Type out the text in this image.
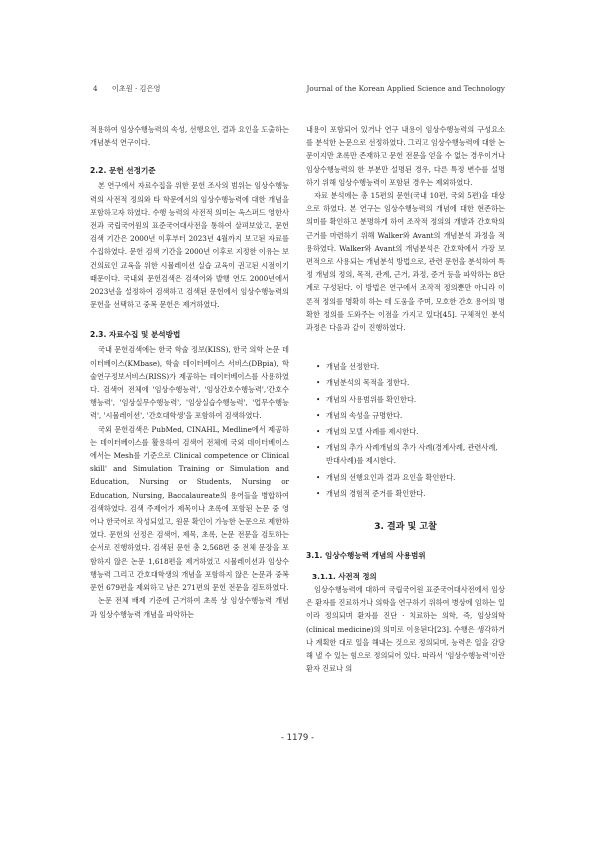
4 이초원 · 김은영	Journal of the Korean Applied Science and Technology

적용하여 임상수행능력의 속성, 선행요인, 결과 요인을 도출하는 개념분석 연구이다.

2.2. 문헌 선정기준

본 연구에서 자료수집을 위한 문헌 조사의 범위는 임상수행능력의 사전적 정의와 타 학문에서의 임상수행능력에 대한 개념을 포함하고자 하였다. 수행 능력의 사전적 의미는 옥스퍼드 영한사전과 국립국어원의 표준국어대사전을 통하여 살펴보았고, 문헌검색 기간은 2000년 이후부터 2023년 4월까지 보고된 자료를 수집하였다. 문헌 검색 기간을 2000년 이후로 지정한 이유는 보건의료인 교육을 위한 시뮬레이션 실습 교육이 권고된 시점이기 때문이다. 국내외 문헌검색은 검색어와 발행 연도 2000년에서 2023년을 설정하여 검색하고 검색된 문헌에서 임상수행능력의 문헌을 선택하고 중복 문헌은 제거하였다.

2.3. 자료수집 및 분석방법

국내 문헌검색에는 한국 학술 정보(KISS), 한국 의학 논문 데이터베이스(KMbase), 학술 데이터베이스 서비스(DBpia), 학술연구정보서비스(RISS)가 제공하는 데이터베이스를 사용하였다. 검색어 전체에 '임상수행능력', '임상간호수행능력','간호수행능력', '임상실무수행능력', '임상실습수행능력', '업무수행능력', '시뮬레이션', '간호대학생'을 포함하여 검색하였다.

국외 문헌검색은 PubMed, CINAHL, Medline에서 제공하는 데이터베이스를 활용하여 검색어 전체에 국외 데이터베이스에서는 Mesh를 기준으로 Clinical competence or Clinical skill' and Simulation Training or Simulation and Education, Nursing or Students, Nursing or Education, Nursing, Baccalaureate의 용어들을 병합하여 검색하였다. 검색 주제어가 제목이나 초록에 포함된 논문 중 영어나 한국어로 작성되었고, 원문 확인이 가능한 논문으로 제한하였다. 문헌의 선정은 검색어, 제목, 초록, 논문 전문을 검토하는 순서로 진행하였다. 검색된 문헌 총 2,568편 중 전체 문장을 포함하지 않은 논문 1,618편을 제거하였고 시뮬레이션과 임상수행능력 그리고 간호대학생의 개념을 포함하지 않은 논문과 중복 문헌 679편을 제외하고 남은 271편의 문헌 전문을 검토하였다.

논문 전체 배제 기준에 근거하여 초록 상 임상수행능력 개념과 임상수행능력 개념을 파악하는

내용이 포함되어 있거나 연구 내용이 임상수행능력의 구성요소를 분석한 논문으로 선정하였다. 그리고 임상수행능력에 대한 논문이지만 초록만 존재하고 문헌 전문을 얻을 수 없는 경우이거나 임상수행능력의 한 부분만 설명된 경우, 다른 특정 변수를 설명하기 위해 임상수행능력이 포함된 경우는 제외하였다.

자료 분석에는 총 15편의 문헌(국내 10편, 국외 5편)을 대상으로 하였다. 본 연구는 임상수행능력의 개념에 대한 현존하는 의미를 확인하고 분명하게 하여 조작적 정의의 개발과 간호학의 근거를 마련하기 위해 Walker와 Avant의 개념분석 과정을 적용하였다. Walker와 Avant의 개념분석은 간호학에서 가장 보편적으로 사용되는 개념분석 방법으로, 관련 문헌을 분석하여 특정 개념의 정의, 목적, 관계, 근거, 과정, 준거 등을 파악하는 8단계로 구성된다. 이 방법은 연구에서 조작적 정의뿐만 아니라 이론적 정의를 명확히 하는 데 도움을 주며, 모호한 간호 용어의 명확한 정의를 도와주는 이점을 가지고 있다[45]. 구체적인 분석 과정은 다음과 같이 진행하였다.

• 개념을 선정한다.
• 개념분석의 목적을 정한다.
• 개념의 사용범위를 확인한다.
• 개념의 속성을 규명한다.
• 개념의 모델 사례를 제시한다.
• 개념의 추가 사례개념의 추가 사례(경계사례, 관련사례, 반대사례)를 제시한다.
• 개념의 선행요인과 결과 요인을 확인한다.
• 개념의 경험적 준거를 확인한다.
3. 결과 및 고찰
3.1. 임상수행능력 개념의 사용범위
3.1.1. 사전적 정의

임상수행능력에 대하여 국립국어원 표준국어대사전에서 임상은 환자를 진료하거나 의학을 연구하기 위하여 병상에 임하는 일이라 정의되며 환자를 진단 · 치료하는 의학, 즉, 임상의학(clinical medicine)의 의미로 이용된다[23]. 수행은 생각하거나 계획한 대로 일을 해내는 것으로 정의되며, 능력은 일을 감당해 낼 수 있는 힘으로 정의되어 있다. 따라서 '임상수행능력'이란 환자 진료나 의

- 1179 -
